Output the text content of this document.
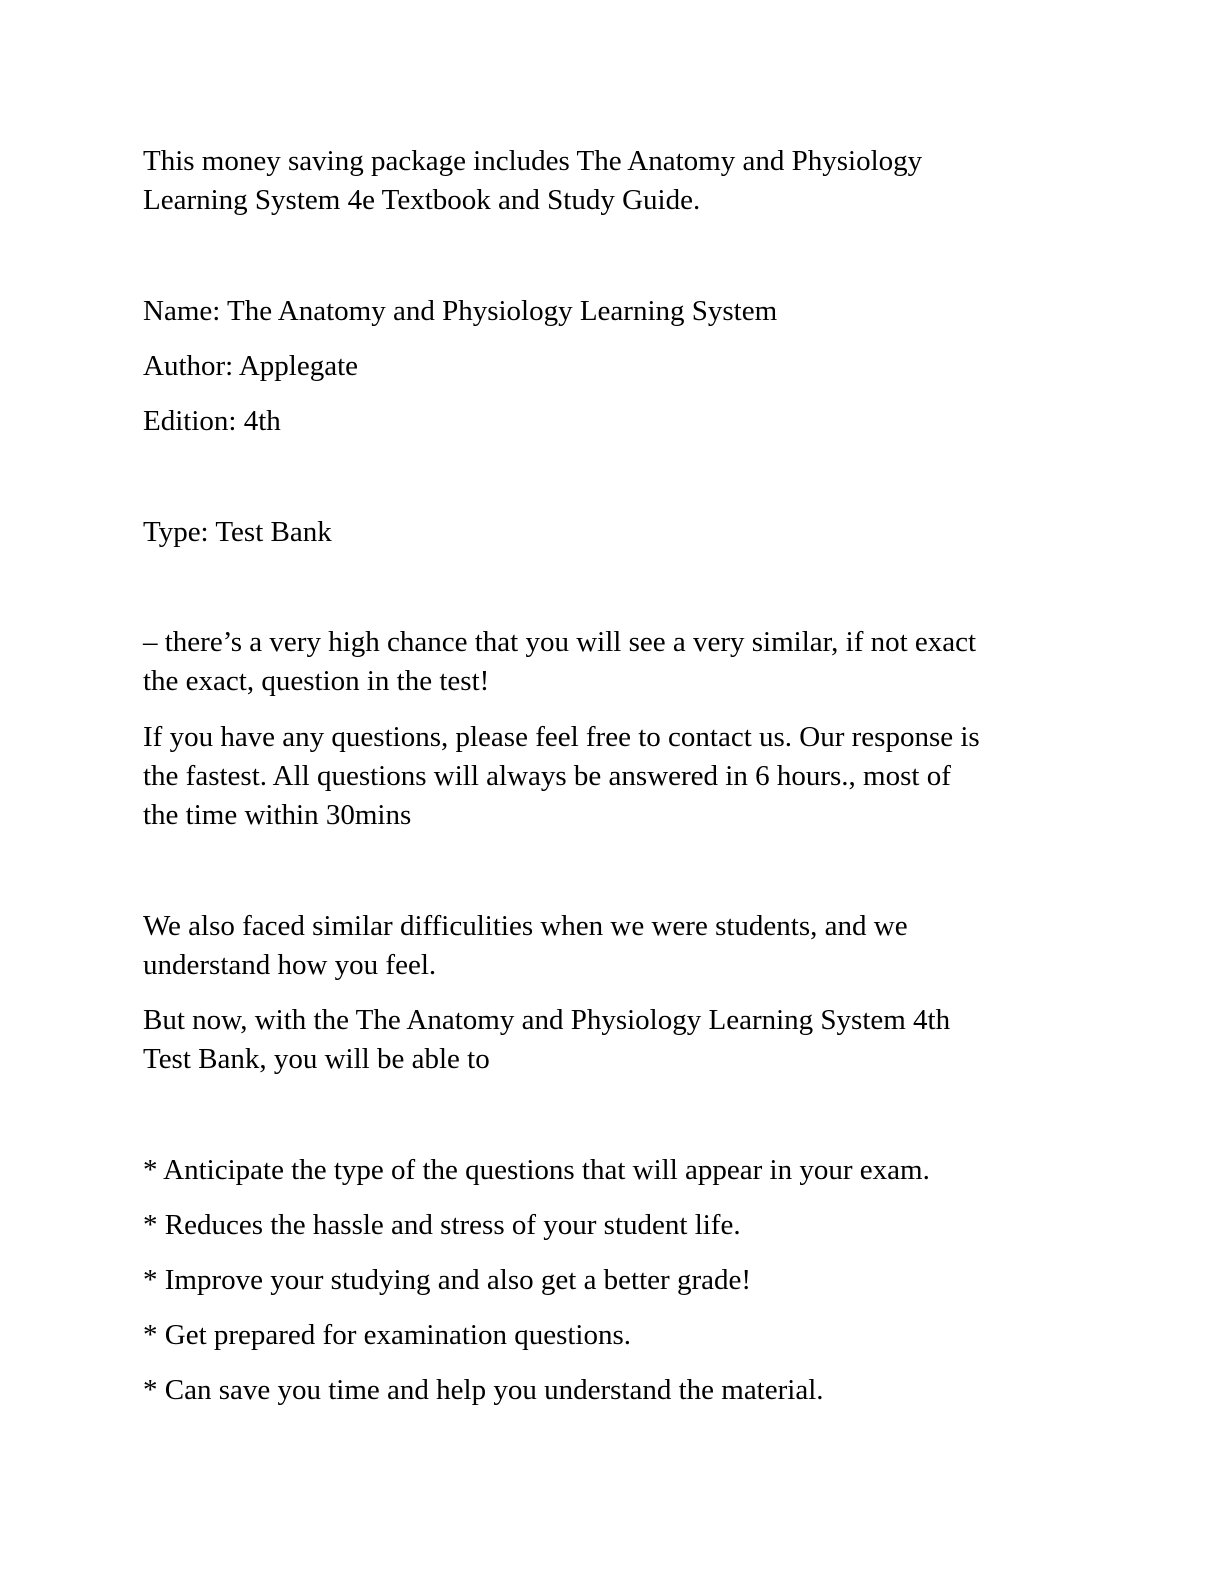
This money saving package includes The Anatomy and Physiology
Learning System 4e Textbook and Study Guide.

Name: The Anatomy and Physiology Learning System

Author: Applegate

Edition: 4th

Type: Test Bank

– there’s a very high chance that you will see a very similar, if not exact
the exact, question in the test!

If you have any questions, please feel free to contact us. Our response is
the fastest. All questions will always be answered in 6 hours., most of
the time within 30mins

We also faced similar difficulities when we were students, and we
understand how you feel.

But now, with the The Anatomy and Physiology Learning System 4th
Test Bank, you will be able to

* Anticipate the type of the questions that will appear in your exam.

* Reduces the hassle and stress of your student life.

* Improve your studying and also get a better grade!

* Get prepared for examination questions.

* Can save you time and help you understand the material.
